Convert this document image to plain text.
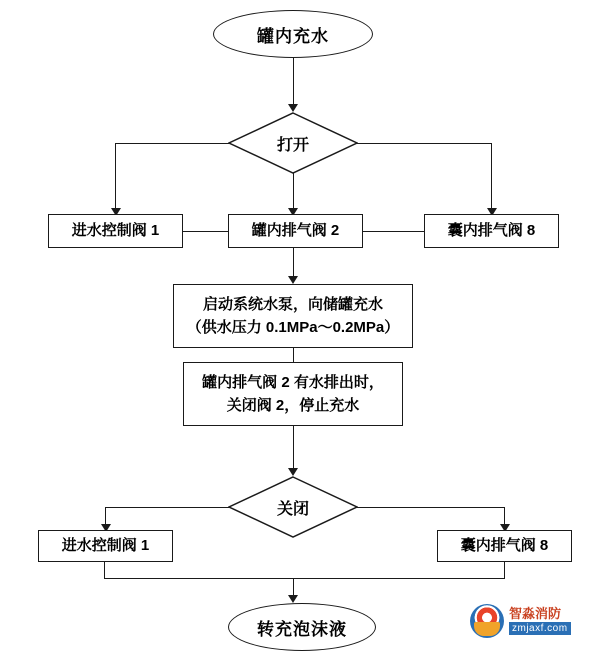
罐内充水
打开
进水控制阀 1	罐内排气阀 2	囊内排气阀 8
启动系统水泵，向储罐充水
（供水压力 0.1MPa～0.2MPa）
罐内排气阀 2 有水排出时，
关闭阀 2，停止充水
关闭
进水控制阀 1	囊内排气阀 8
转充泡沫液
智淼消防
zmjaxf.com
